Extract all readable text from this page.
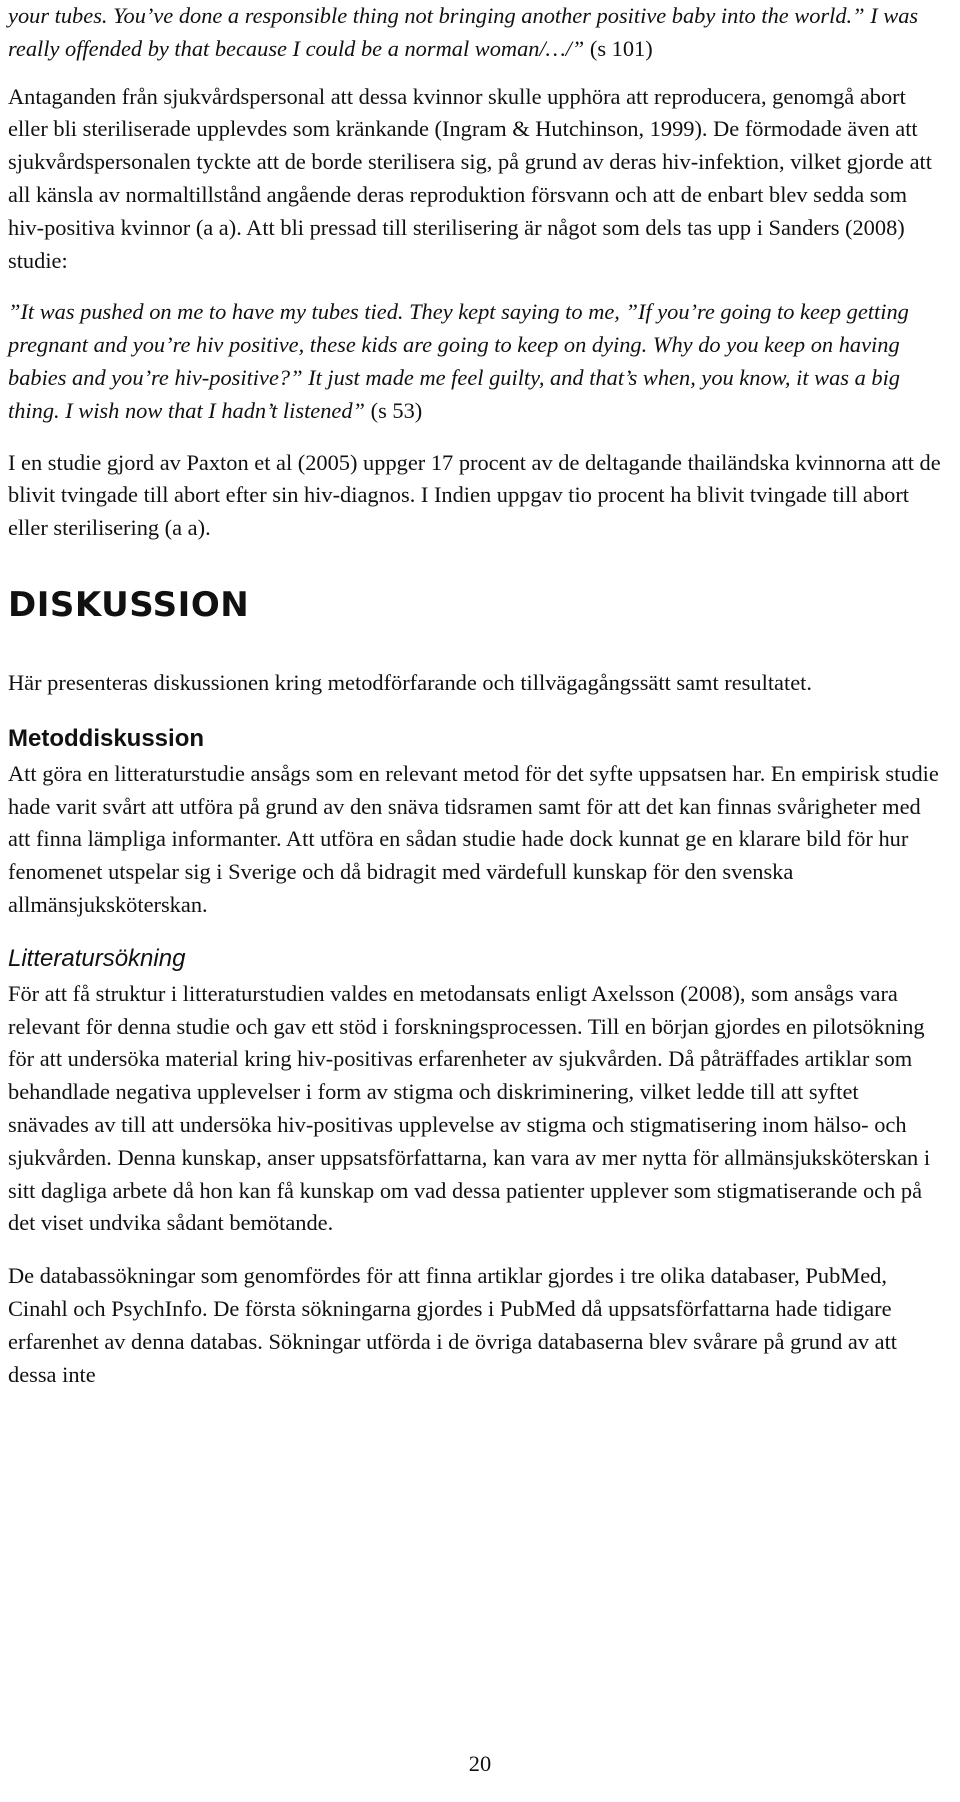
your tubes. You’ve done a responsible thing not bringing another positive baby into the world.” I was really offended by that because I could be a normal woman/…/” (s 101)

Antaganden från sjukvårdspersonal att dessa kvinnor skulle upphöra att reproducera, genomgå abort eller bli steriliserade upplevdes som kränkande (Ingram & Hutchinson, 1999). De förmodade även att sjukvårdspersonalen tyckte att de borde sterilisera sig, på grund av deras hiv-infektion, vilket gjorde att all känsla av normaltillstånd angående deras reproduktion försvann och att de enbart blev sedda som hiv-positiva kvinnor (a a). Att bli pressad till sterilisering är något som dels tas upp i Sanders (2008) studie:

”It was pushed on me to have my tubes tied. They kept saying to me, ”If you’re going to keep getting pregnant and you’re hiv positive, these kids are going to keep on dying. Why do you keep on having babies and you’re hiv-positive?” It just made me feel guilty, and that’s when, you know, it was a big thing. I wish now that I hadn’t listened” (s 53)

I en studie gjord av Paxton et al (2005) uppger 17 procent av de deltagande thailändska kvinnorna att de blivit tvingade till abort efter sin hiv-diagnos. I Indien uppgav tio procent ha blivit tvingade till abort eller sterilisering (a a).

DISKUSSION

Här presenteras diskussionen kring metodförfarande och tillvägagångssätt samt resultatet.

Metoddiskussion

Att göra en litteraturstudie ansågs som en relevant metod för det syfte uppsatsen har. En empirisk studie hade varit svårt att utföra på grund av den snäva tidsramen samt för att det kan finnas svårigheter med att finna lämpliga informanter. Att utföra en sådan studie hade dock kunnat ge en klarare bild för hur fenomenet utspelar sig i Sverige och då bidragit med värdefull kunskap för den svenska allmänsjuksköterskan.

Litteratursökning

För att få struktur i litteraturstudien valdes en metodansats enligt Axelsson (2008), som ansågs vara relevant för denna studie och gav ett stöd i forskningsprocessen. Till en början gjordes en pilotsökning för att undersöka material kring hiv-positivas erfarenheter av sjukvården. Då påträffades artiklar som behandlade negativa upplevelser i form av stigma och diskriminering, vilket ledde till att syftet snävades av till att undersöka hiv-positivas upplevelse av stigma och stigmatisering inom hälso- och sjukvården. Denna kunskap, anser uppsatsförfattarna, kan vara av mer nytta för allmänsjuksköterskan i sitt dagliga arbete då hon kan få kunskap om vad dessa patienter upplever som stigmatiserande och på det viset undvika sådant bemötande.

De databassökningar som genomfördes för att finna artiklar gjordes i tre olika databaser, PubMed, Cinahl och PsychInfo. De första sökningarna gjordes i PubMed då uppsatsförfattarna hade tidigare erfarenhet av denna databas. Sökningar utförda i de övriga databaserna blev svårare på grund av att dessa inte

20
